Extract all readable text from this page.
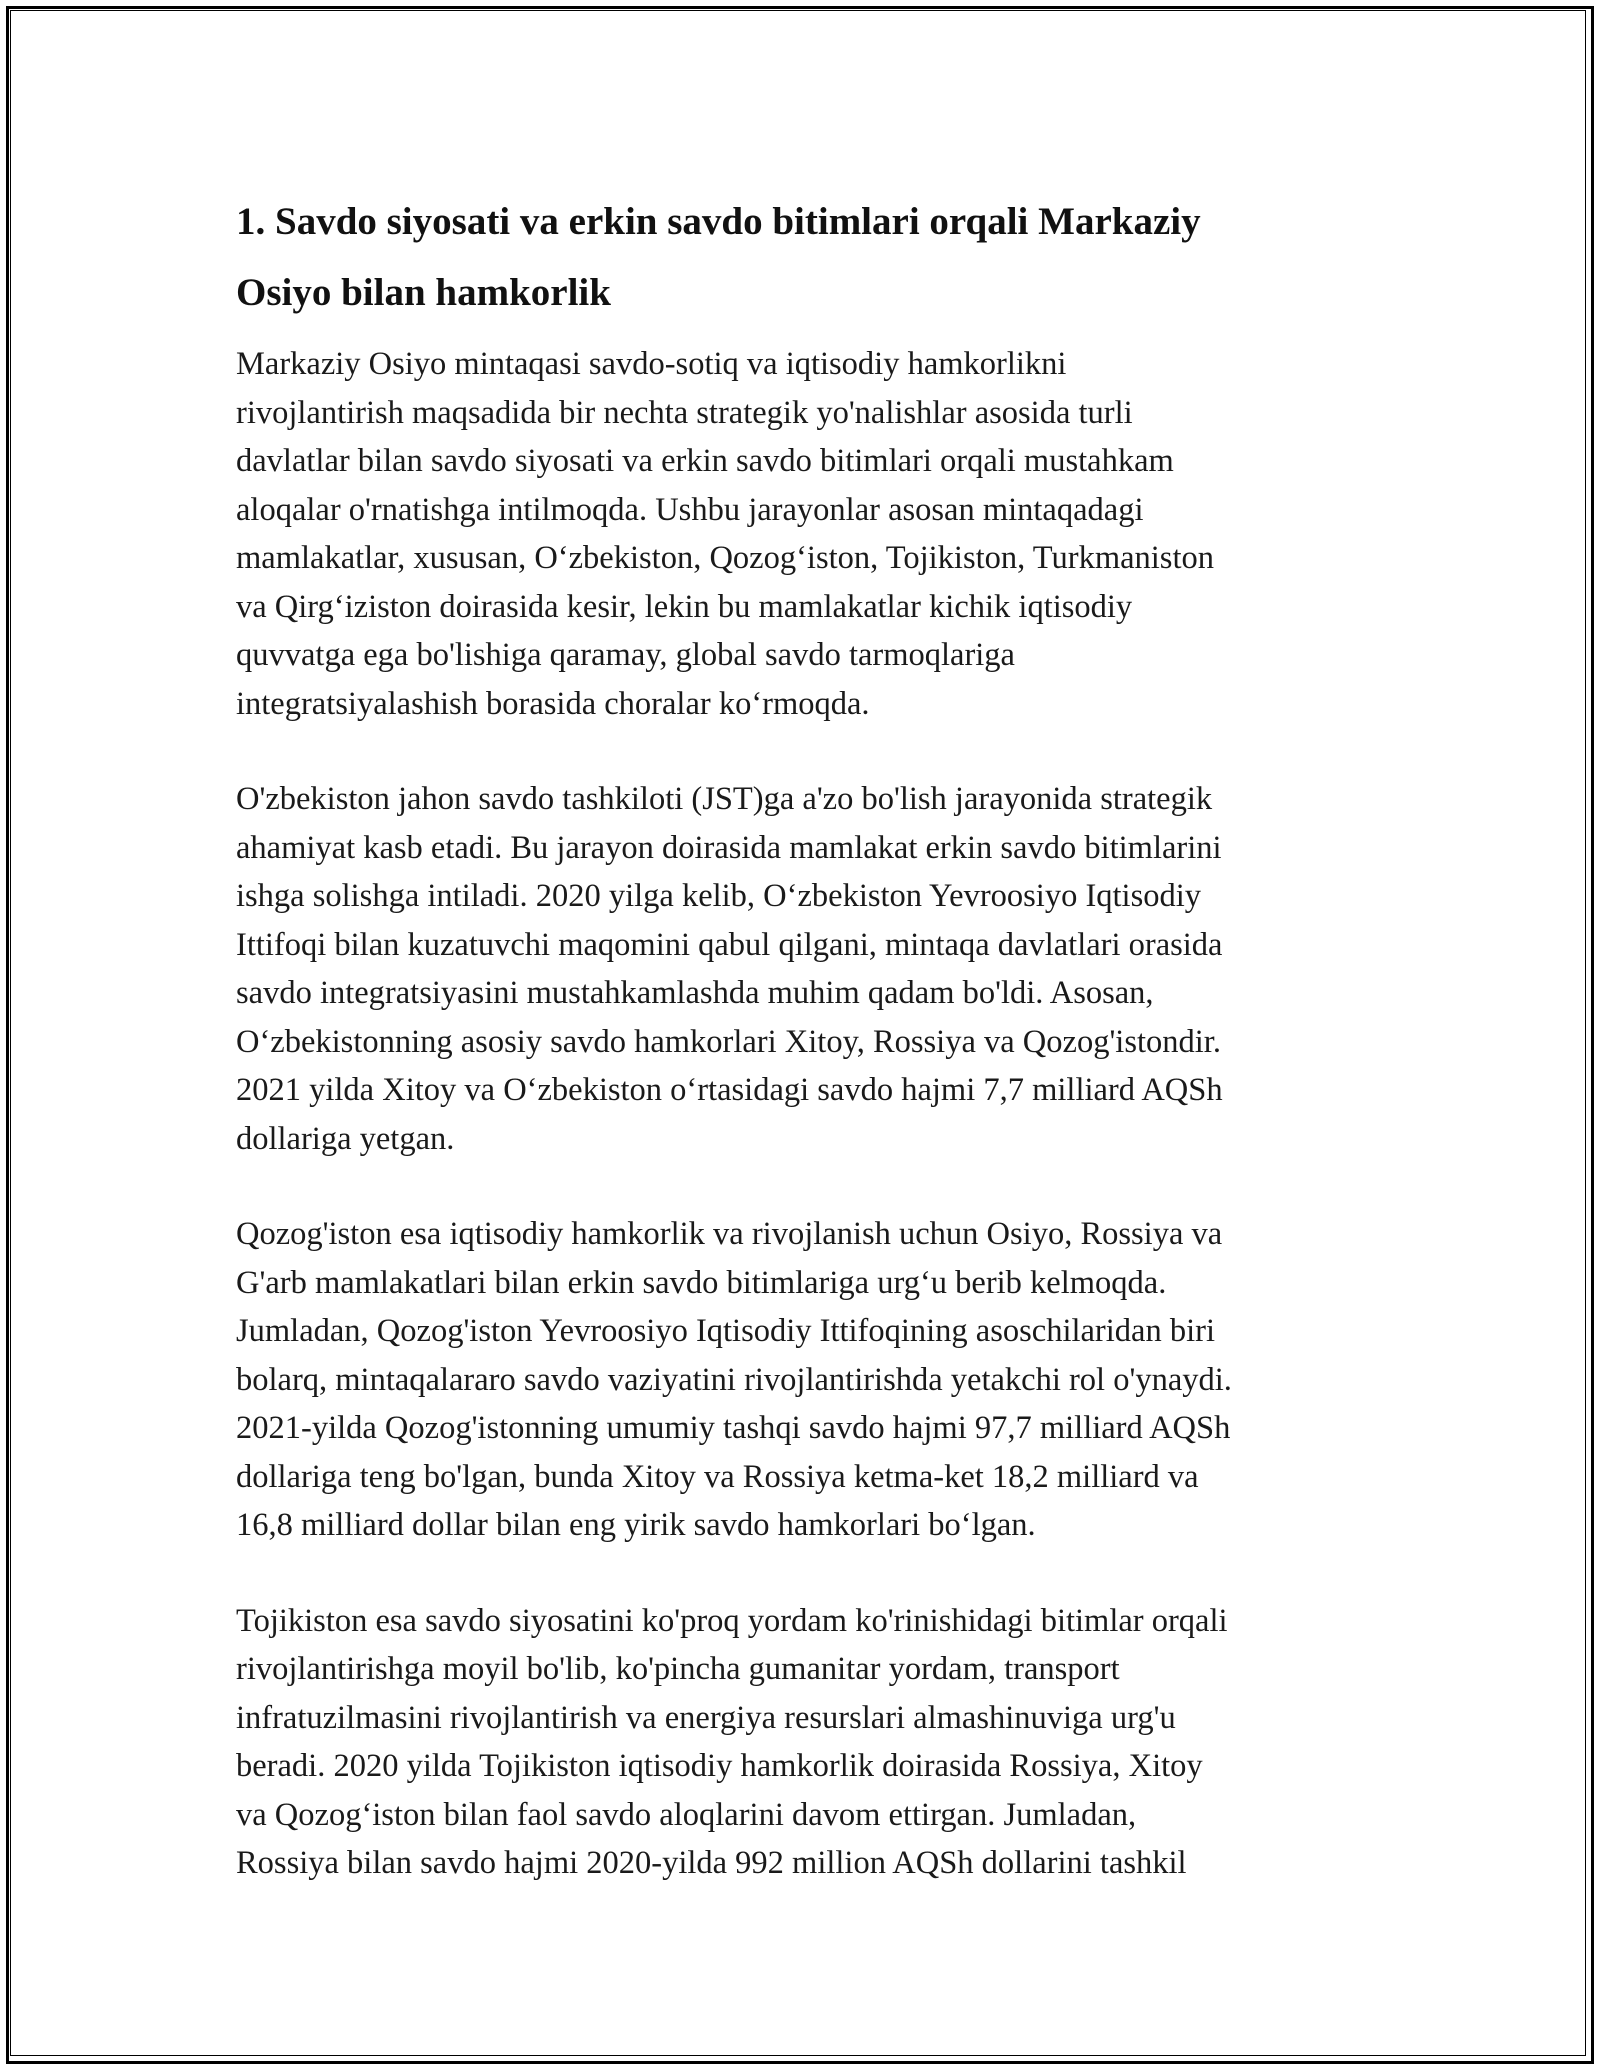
1. Savdo siyosati va erkin savdo bitimlari orqali Markaziy
Osiyo bilan hamkorlik

Markaziy Osiyo mintaqasi savdo-sotiq va iqtisodiy hamkorlikni
rivojlantirish maqsadida bir nechta strategik yo'nalishlar asosida turli
davlatlar bilan savdo siyosati va erkin savdo bitimlari orqali mustahkam
aloqalar o'rnatishga intilmoqda. Ushbu jarayonlar asosan mintaqadagi
mamlakatlar, xususan, O‘zbekiston, Qozog‘iston, Tojikiston, Turkmaniston
va Qirg‘iziston doirasida kesir, lekin bu mamlakatlar kichik iqtisodiy
quvvatga ega bo'lishiga qaramay, global savdo tarmoqlariga
integratsiyalashish borasida choralar ko‘rmoqda.

O'zbekiston jahon savdo tashkiloti (JST)ga a'zo bo'lish jarayonida strategik
ahamiyat kasb etadi. Bu jarayon doirasida mamlakat erkin savdo bitimlarini
ishga solishga intiladi. 2020 yilga kelib, O‘zbekiston Yevroosiyo Iqtisodiy
Ittifoqi bilan kuzatuvchi maqomini qabul qilgani, mintaqa davlatlari orasida
savdo integratsiyasini mustahkamlashda muhim qadam bo'ldi. Asosan,
O‘zbekistonning asosiy savdo hamkorlari Xitoy, Rossiya va Qozog'istondir.
2021 yilda Xitoy va O‘zbekiston o‘rtasidagi savdo hajmi 7,7 milliard AQSh
dollariga yetgan.

Qozog'iston esa iqtisodiy hamkorlik va rivojlanish uchun Osiyo, Rossiya va
G'arb mamlakatlari bilan erkin savdo bitimlariga urg‘u berib kelmoqda.
Jumladan, Qozog'iston Yevroosiyo Iqtisodiy Ittifoqining asoschilaridan biri
bolarq, mintaqalararo savdo vaziyatini rivojlantirishda yetakchi rol o'ynaydi.
2021-yilda Qozog'istonning umumiy tashqi savdo hajmi 97,7 milliard AQSh
dollariga teng bo'lgan, bunda Xitoy va Rossiya ketma-ket 18,2 milliard va
16,8 milliard dollar bilan eng yirik savdo hamkorlari bo‘lgan.

Tojikiston esa savdo siyosatini ko'proq yordam ko'rinishidagi bitimlar orqali
rivojlantirishga moyil bo'lib, ko'pincha gumanitar yordam, transport
infratuzilmasini rivojlantirish va energiya resurslari almashinuviga urg'u
beradi. 2020 yilda Tojikiston iqtisodiy hamkorlik doirasida Rossiya, Xitoy
va Qozog‘iston bilan faol savdo aloqlarini davom ettirgan. Jumladan,
Rossiya bilan savdo hajmi 2020-yilda 992 million AQSh dollarini tashkil
